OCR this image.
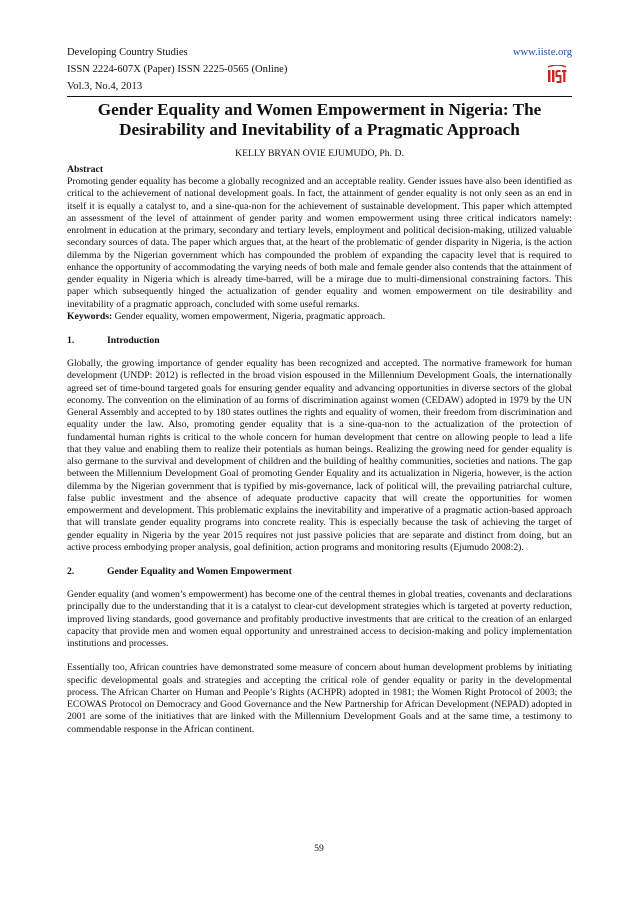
Developing Country Studies
ISSN 2224-607X (Paper) ISSN 2225-0565 (Online)
Vol.3, No.4, 2013
www.iiste.org
Gender Equality and Women Empowerment in Nigeria: The Desirability and Inevitability of a Pragmatic Approach
KELLY BRYAN OVIE EJUMUDO, Ph. D.
Abstract

Promoting gender equality has become a globally recognized and an acceptable reality. Gender issues have also been identified as critical to the achievement of national development goals. In fact, the attainment of gender equality is not only seen as an end in itself it is equally a catalyst to, and a sine-qua-non for the achievement of sustainable development. This paper which attempted an assessment of the level of attainment of gender parity and women empowerment using three critical indicators namely: enrolment in education at the primary, secondary and tertiary levels, employment and political decision-making, utilized valuable secondary sources of data. The paper which argues that, at the heart of the problematic of gender disparity in Nigeria, is the action dilemma by the Nigerian government which has compounded the problem of expanding the capacity level that is required to enhance the opportunity of accommodating the varying needs of both male and female gender also contends that the attainment of gender equality in Nigeria which is already time-barred, will be a mirage due to multi-dimensional constraining factors. This paper which subsequently hinged the actualization of gender equality and women empowerment on tile desirability and inevitability of a pragmatic approach, concluded with some useful remarks.

Keywords: Gender equality, women empowerment, Nigeria, pragmatic approach.

1.	Introduction

Globally, the growing importance of gender equality has been recognized and accepted. The normative framework for human development (UNDP: 2012) is reflected in the broad vision espoused in the Millennium Development Goals, the internationally agreed set of time-bound targeted goals for ensuring gender equality and advancing opportunities in diverse sectors of the global economy. The convention on the elimination of au forms of discrimination against women (CEDAW) adopted in 1979 by the UN General Assembly and accepted to by 180 states outlines the rights and equality of women, their freedom from discrimination and equality under the law. Also, promoting gender equality that is a sine-qua-non to the actualization of the protection of fundamental human rights is critical to the whole concern for human development that centre on allowing people to lead a life that they value and enabling them to realize their potentials as human beings. Realizing the growing need for gender equality is also germane to the survival and development of children and the building of healthy communities, societies and nations. The gap between the Millennium Development Goal of promoting Gender Equality and its actualization in Nigeria, however, is the action dilemma by the Nigerian government that is typified by mis-governance, lack of political will, the prevailing patriarchal culture, false public investment and the absence of adequate productive capacity that will create the opportunities for women empowerment and development. This problematic explains the inevitability and imperative of a pragmatic action-based approach that will translate gender equality programs into concrete reality. This is especially because the task of achieving the target of gender equality in Nigeria by the year 2015 requires not just passive policies that are separate and distinct from doing, but an active process embodying proper analysis, goal definition, action programs and monitoring results (Ejumudo 2008:2).

2.	Gender Equality and Women Empowerment

Gender equality (and women’s empowerment) has become one of the central themes in global treaties, covenants and declarations principally due to the understanding that it is a catalyst to clear-cut development strategies which is targeted at poverty reduction, improved living standards, good governance and profitably productive investments that are critical to the creation of an enlarged capacity that provide men and women equal opportunity and unrestrained access to decision-making and policy implementation institutions and processes.

Essentially too, African countries have demonstrated some measure of concern about human development problems by initiating specific developmental goals and strategies and accepting the critical role of gender equality or parity in the developmental process. The African Charter on Human and People’s Rights (ACHPR) adopted in 1981; the Women Right Protocol of 2003; the ECOWAS Protocol on Democracy and Good Governance and the New Partnership for African Development (NEPAD) adopted in 2001 are some of the initiatives that are linked with the Millennium Development Goals and at the same time, a testimony to commendable response in the African continent.

59
